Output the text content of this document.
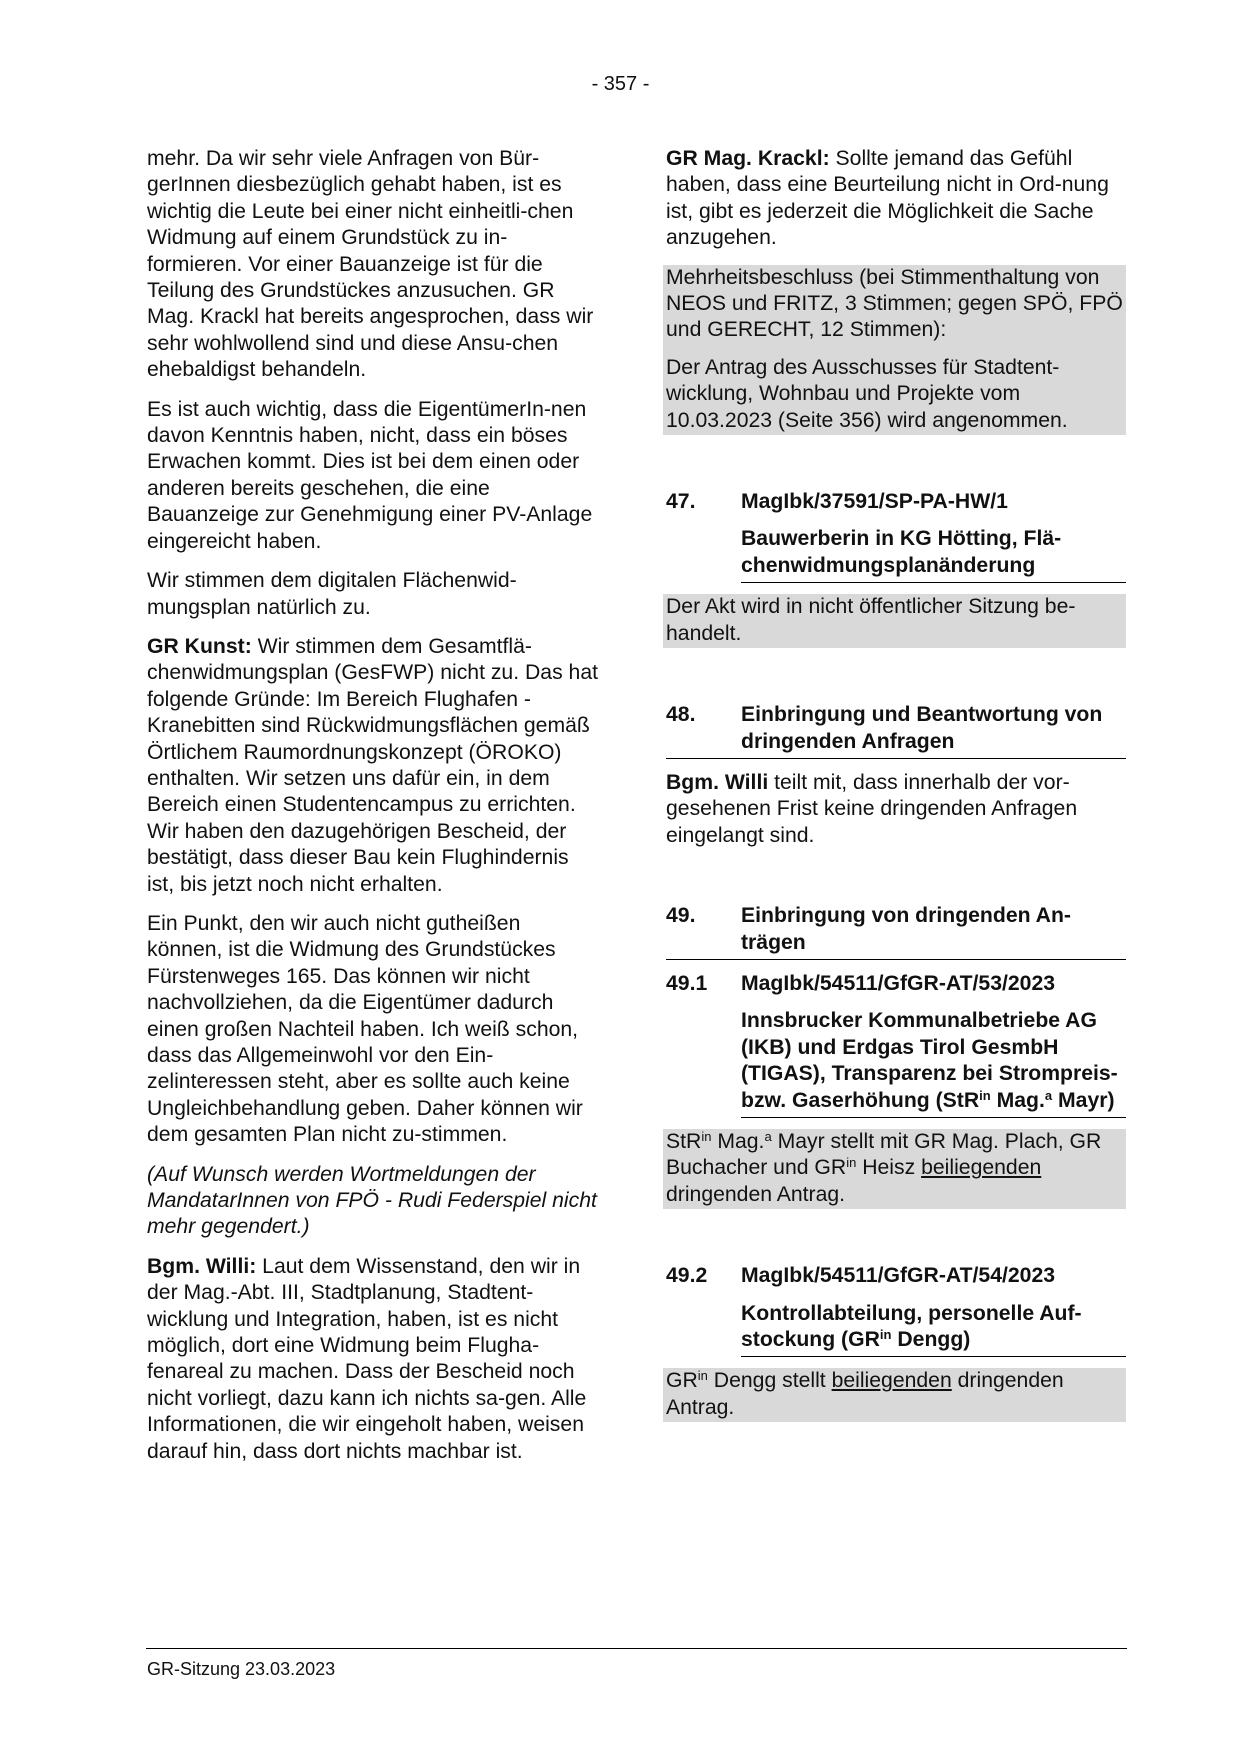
- 357 -

mehr. Da wir sehr viele Anfragen von Bür-gerInnen diesbezüglich gehabt haben, ist es wichtig die Leute bei einer nicht einheitli-chen Widmung auf einem Grundstück zu in-formieren. Vor einer Bauanzeige ist für die Teilung des Grundstückes anzusuchen. GR Mag. Krackl hat bereits angesprochen, dass wir sehr wohlwollend sind und diese Ansu-chen ehebaldigst behandeln.

Es ist auch wichtig, dass die EigentümerIn-nen davon Kenntnis haben, nicht, dass ein böses Erwachen kommt. Dies ist bei dem einen oder anderen bereits geschehen, die eine Bauanzeige zur Genehmigung einer PV-Anlage eingereicht haben.

Wir stimmen dem digitalen Flächenwid-mungsplan natürlich zu.

GR Kunst: Wir stimmen dem Gesamtflä-chenwidmungsplan (GesFWP) nicht zu. Das hat folgende Gründe: Im Bereich Flughafen - Kranebitten sind Rückwidmungsflächen gemäß Örtlichem Raumordnungskonzept (ÖROKO) enthalten. Wir setzen uns dafür ein, in dem Bereich einen Studentencampus zu errichten. Wir haben den dazugehörigen Bescheid, der bestätigt, dass dieser Bau kein Flughindernis ist, bis jetzt noch nicht erhalten.

Ein Punkt, den wir auch nicht gutheißen können, ist die Widmung des Grundstückes Fürstenweges 165. Das können wir nicht nachvollziehen, da die Eigentümer dadurch einen großen Nachteil haben. Ich weiß schon, dass das Allgemeinwohl vor den Ein-zelinteressen steht, aber es sollte auch keine Ungleichbehandlung geben. Daher können wir dem gesamten Plan nicht zu-stimmen.

(Auf Wunsch werden Wortmeldungen der MandatarInnen von FPÖ - Rudi Federspiel nicht mehr gegendert.)

Bgm. Willi: Laut dem Wissenstand, den wir in der Mag.-Abt. III, Stadtplanung, Stadtent-wicklung und Integration, haben, ist es nicht möglich, dort eine Widmung beim Flugha-fenareal zu machen. Dass der Bescheid noch nicht vorliegt, dazu kann ich nichts sa-gen. Alle Informationen, die wir eingeholt haben, weisen darauf hin, dass dort nichts machbar ist.

GR Mag. Krackl: Sollte jemand das Gefühl haben, dass eine Beurteilung nicht in Ord-nung ist, gibt es jederzeit die Möglichkeit die Sache anzugehen.

Mehrheitsbeschluss (bei Stimmenthaltung von NEOS und FRITZ, 3 Stimmen; gegen SPÖ, FPÖ und GERECHT, 12 Stimmen):

Der Antrag des Ausschusses für Stadtent-wicklung, Wohnbau und Projekte vom 10.03.2023 (Seite 356) wird angenommen.

47.	MagIbk/37591/SP-PA-HW/1
Bauwerberin in KG Hötting, Flä-chenwidmungsplanänderung

Der Akt wird in nicht öffentlicher Sitzung be-handelt.

48.	Einbringung und Beantwortung von dringenden Anfragen

Bgm. Willi teilt mit, dass innerhalb der vor-gesehenen Frist keine dringenden Anfragen eingelangt sind.

49.	Einbringung von dringenden An-trägen
49.1	MagIbk/54511/GfGR-AT/53/2023
Innsbrucker Kommunalbetriebe AG (IKB) und Erdgas Tirol GesmbH (TIGAS), Transparenz bei Strompreis- bzw. Gaserhöhung (StR$^{in}$ Mag.$^a$ Mayr)

StR$^{in}$ Mag.$^a$ Mayr stellt mit GR Mag. Plach, GR Buchacher und $GR^{in}$ Heisz beiliegenden dringenden Antrag.

49.2	MagIbk/54511/GfGR-AT/54/2023
Kontrollabteilung, personelle Auf-stockung ($GR^{in}$ Dengg)

$GR^{in}$ Dengg stellt beiliegenden dringenden Antrag.

GR-Sitzung 23.03.2023
